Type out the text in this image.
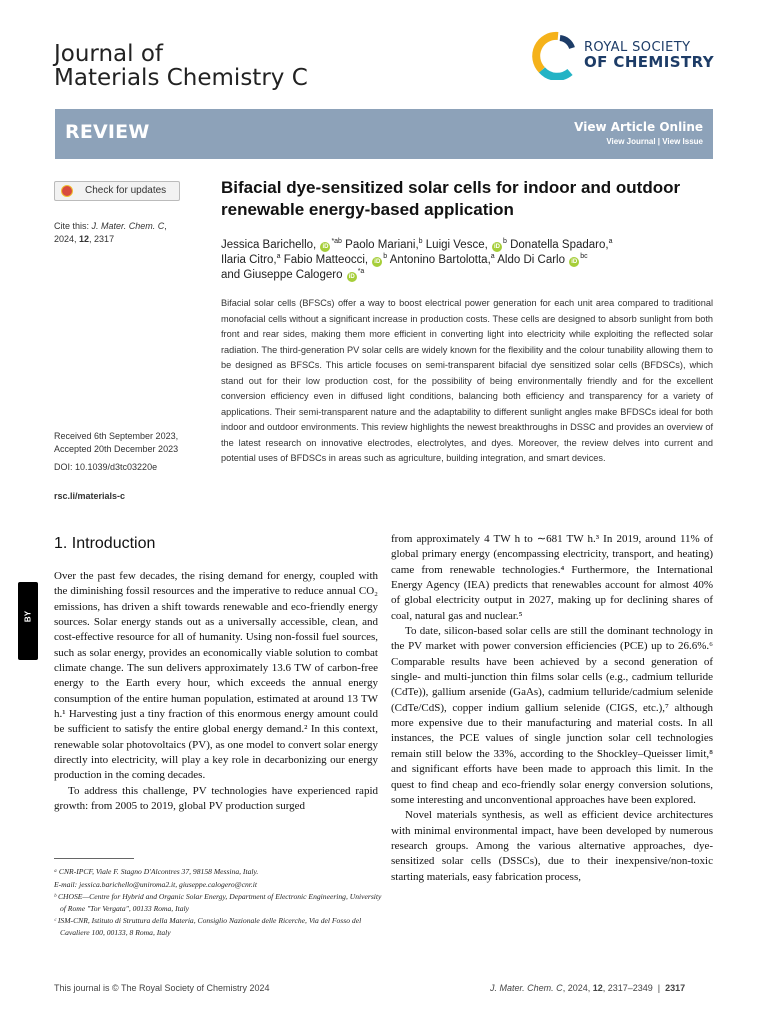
Journal of
Materials Chemistry C
ROYAL SOCIETY
OF CHEMISTRY
REVIEW	View Article Online
View Journal | View Issue
Check for updates
Cite this: J. Mater. Chem. C,
2024, 12, 2317
Received 6th September 2023,
Accepted 20th December 2023
DOI: 10.1039/d3tc03220e
rsc.li/materials-c
Bifacial dye-sensitized solar cells for indoor and outdoor renewable energy-based application
Jessica Barichello, $iD^{*ab}$ Paolo Mariani,$^b$ Luigi Vesce, $iD^b$ Donatella Spadaro,$^a$
Ilaria Citro,$^a$ Fabio Matteocci, $iD^b$ Antonino Bartolotta,$^a$ Aldo Di Carlo $iD^{bc}$
and Giuseppe Calogero $iD^{*a}$
Bifacial solar cells (BFSCs) offer a way to boost electrical power generation for each unit area compared to traditional monofacial cells without a significant increase in production costs. These cells are designed to absorb sunlight from both front and rear sides, making them more efficient in converting light into electricity while exploiting the reflected solar radiation. The third-generation PV solar cells are widely known for the flexibility and the colour tunability allowing them to be designed as BFSCs. This article focuses on semi-transparent bifacial dye sensitized solar cells (BFDSCs), which stand out for their low production cost, for the possibility of being environmentally friendly and for the excellent conversion efficiency even in diffused light conditions, balancing both efficiency and transparency for a variety of applications. Their semi-transparent nature and the adaptability to different sunlight angles make BFDSCs ideal for both indoor and outdoor environments. This review highlights the newest breakthroughs in DSSC and provides an overview of the latest research on innovative electrodes, electrolytes, and dyes. Moreover, the review delves into current and potential uses of BFDSCs in areas such as agriculture, building integration, and smart devices.
BY
1. Introduction

Over the past few decades, the rising demand for energy, coupled with the diminishing fossil resources and the imperative to reduce annual CO₂ emissions, has driven a shift towards renewable and eco-friendly energy sources. Solar energy stands out as a universally accessible, clean, and cost-effective resource for all of humanity. Using non-fossil fuel sources, such as solar energy, provides an economically viable solution to combat climate change. The sun delivers approximately 13.6 TW of carbon-free energy to the Earth every hour, which exceeds the annual energy consumption of the entire human population, estimated at around 13 TW h.¹ Harvesting just a tiny fraction of this enormous energy amount could be sufficient to satisfy the entire global energy demand.² In this context, renewable solar photovoltaics (PV), as one model to convert solar energy directly into electricity, will play a key role in decarbonizing our energy production in the coming decades.

To address this challenge, PV technologies have experienced rapid growth: from 2005 to 2019, global PV production surged

from approximately 4 TW h to ∼681 TW h.³ In 2019, around 11% of global primary energy (encompassing electricity, transport, and heating) came from renewable technologies.⁴ Furthermore, the International Energy Agency (IEA) predicts that renewables account for almost 40% of global electricity output in 2027, making up for declining shares of coal, natural gas and nuclear.⁵

To date, silicon-based solar cells are still the dominant technology in the PV market with power conversion efficiencies (PCE) up to 26.6%.⁶ Comparable results have been achieved by a second generation of single- and multi-junction thin films solar cells (e.g., cadmium telluride (CdTe)), gallium arsenide (GaAs), cadmium telluride/cadmium selenide (CdTe/CdS), copper indium gallium selenide (CIGS, etc.),⁷ although more expensive due to their manufacturing and material costs. In all instances, the PCE values of single junction solar cell technologies remain still below the 33%, according to the Shockley–Queisser limit,⁸ and significant efforts have been made to approach this limit. In the quest to find cheap and eco-friendly solar energy conversion solutions, some interesting and unconventional approaches have been explored.

Novel materials synthesis, as well as efficient device architectures with minimal environmental impact, have been developed by numerous research groups. Among the various alternative approaches, dye-sensitized solar cells (DSSCs), due to their inexpensive/non-toxic starting materials, easy fabrication process,

ᵃ CNR-IPCF, Viale F. Stagno D'Alcontres 37, 98158 Messina, Italy.

E-mail: jessica.barichello@uniroma2.it, giuseppe.calogero@cnr.it

ᵇ CHOSE—Centre for Hybrid and Organic Solar Energy, Department of Electronic Engineering, University of Rome "Tor Vergata", 00133 Roma, Italy

ᶜ ISM-CNR, Istituto di Struttura della Materia, Consiglio Nazionale delle Ricerche, Via del Fosso del Cavaliere 100, 00133, 8 Roma, Italy

This journal is © The Royal Society of Chemistry 2024	J. Mater. Chem. C, 2024, 12, 2317–2349  |  2317
